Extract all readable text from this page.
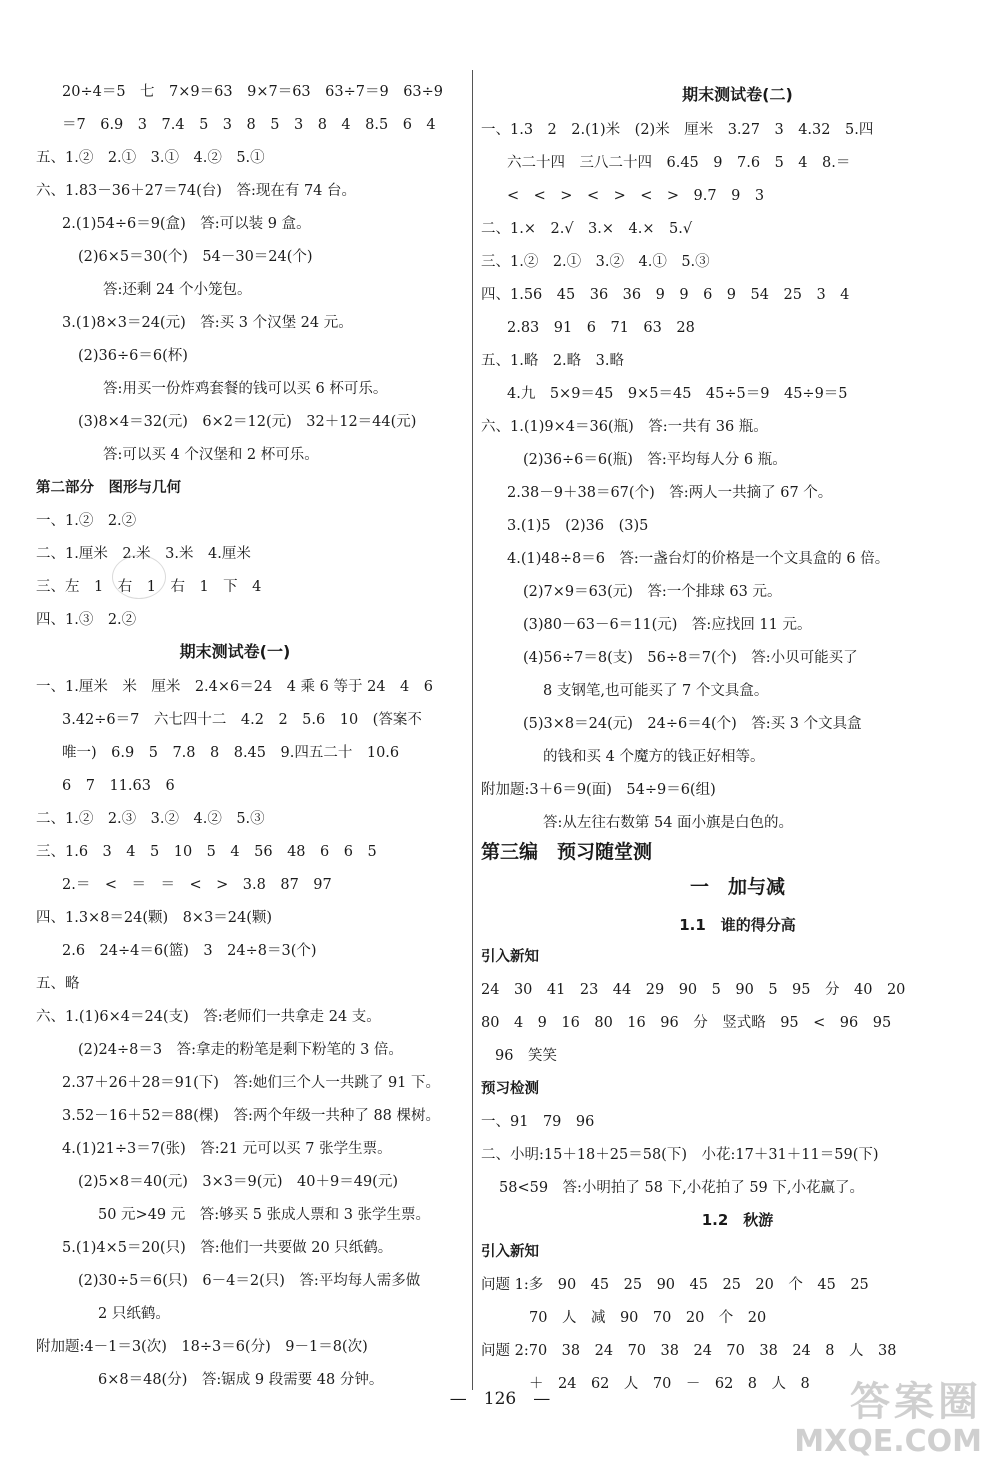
20÷4＝5　七　7×9＝63　9×7＝63　63÷7＝9　63÷9
＝7　6.9　3　7.4　5　3　8　5　3　8　4　8.5　6　4
五、1.②　2.①　3.①　4.②　5.①
六、1.83－36＋27＝74(台)　答:现在有 74 台。
2.(1)54÷6＝9(盒)　答:可以装 9 盒。
(2)6×5＝30(个)　54－30＝24(个)
答:还剩 24 个小笼包。
3.(1)8×3＝24(元)　答:买 3 个汉堡 24 元。
(2)36÷6＝6(杯)
答:用买一份炸鸡套餐的钱可以买 6 杯可乐。
(3)8×4＝32(元)　6×2＝12(元)　32＋12＝44(元)
答:可以买 4 个汉堡和 2 杯可乐。
第二部分　图形与几何
一、1.②　2.②
二、1.厘米　2.米　3.米　4.厘米
三、左　1　右　1　右　1　下　4
四、1.③　2.②
期末测试卷(一)
一、1.厘米　米　厘米　2.4×6＝24　4 乘 6 等于 24　4　6
3.42÷6＝7　六七四十二　4.2　2　5.6　10　(答案不
唯一)　6.9　5　7.8　8　8.45　9.四五二十　10.6
6　7　11.63　6
二、1.②　2.③　3.②　4.②　5.③
三、1.6　3　4　5　10　5　4　56　48　6　6　5
2.＝　<　＝　＝　<　>　3.8　87　97
四、1.3×8＝24(颗)　8×3＝24(颗)
2.6　24÷4＝6(篮)　3　24÷8＝3(个)
五、略
六、1.(1)6×4＝24(支)　答:老师们一共拿走 24 支。
(2)24÷8＝3　答:拿走的粉笔是剩下粉笔的 3 倍。
2.37＋26＋28＝91(下)　答:她们三个人一共跳了 91 下。
3.52－16＋52＝88(棵)　答:两个年级一共种了 88 棵树。
4.(1)21÷3＝7(张)　答:21 元可以买 7 张学生票。
(2)5×8＝40(元)　3×3＝9(元)　40＋9＝49(元)
50 元>49 元　答:够买 5 张成人票和 3 张学生票。
5.(1)4×5＝20(只)　答:他们一共要做 20 只纸鹤。
(2)30÷5＝6(只)　6－4＝2(只)　答:平均每人需多做
2 只纸鹤。
附加题:4－1＝3(次)　18÷3＝6(分)　9－1＝8(次)
6×8＝48(分)　答:锯成 9 段需要 48 分钟。
期末测试卷(二)
一、1.3　2　2.(1)米　(2)米　厘米　3.27　3　4.32　5.四
六二十四　三八二十四　6.45　9　7.6　5　4　8.＝
<　<　>　<　>　<　>　9.7　9　3
二、1.×　2.√　3.×　4.×　5.√
三、1.②　2.①　3.②　4.①　5.③
四、1.56　45　36　36　9　9　6　9　54　25　3　4
2.83　91　6　71　63　28
五、1.略　2.略　3.略
4.九　5×9＝45　9×5＝45　45÷5＝9　45÷9＝5
六、1.(1)9×4＝36(瓶)　答:一共有 36 瓶。
(2)36÷6＝6(瓶)　答:平均每人分 6 瓶。
2.38－9＋38＝67(个)　答:两人一共摘了 67 个。
3.(1)5　(2)36　(3)5
4.(1)48÷8＝6　答:一盏台灯的价格是一个文具盒的 6 倍。
(2)7×9＝63(元)　答:一个排球 63 元。
(3)80－63－6＝11(元)　答:应找回 11 元。
(4)56÷7＝8(支)　56÷8＝7(个)　答:小贝可能买了
8 支钢笔,也可能买了 7 个文具盒。
(5)3×8＝24(元)　24÷6＝4(个)　答:买 3 个文具盒
的钱和买 4 个魔方的钱正好相等。
附加题:3＋6＝9(面)　54÷9＝6(组)
答:从左往右数第 54 面小旗是白色的。
第三编　预习随堂测
一　加与减
1.1　谁的得分高
引入新知
24　30　41　23　44　29　90　5　90　5　95　分　40　20
80　4　9　16　80　16　96　分　竖式略　95　<　96　95
96　笑笑
预习检测
一、91　79　96
二、小明:15＋18＋25＝58(下)　小花:17＋31＋11＝59(下)
58<59　答:小明拍了 58 下,小花拍了 59 下,小花赢了。
1.2　秋游
引入新知
问题 1:多　90　45　25　90　45　25　20　个　45　25
70　人　减　90　70　20　个　20
问题 2:70　38　24　70　38　24　70　38　24　8　人　38
＋　24　62　人　70　－　62　8　人　8
—　126　—	答案圈
MXQE.COM
